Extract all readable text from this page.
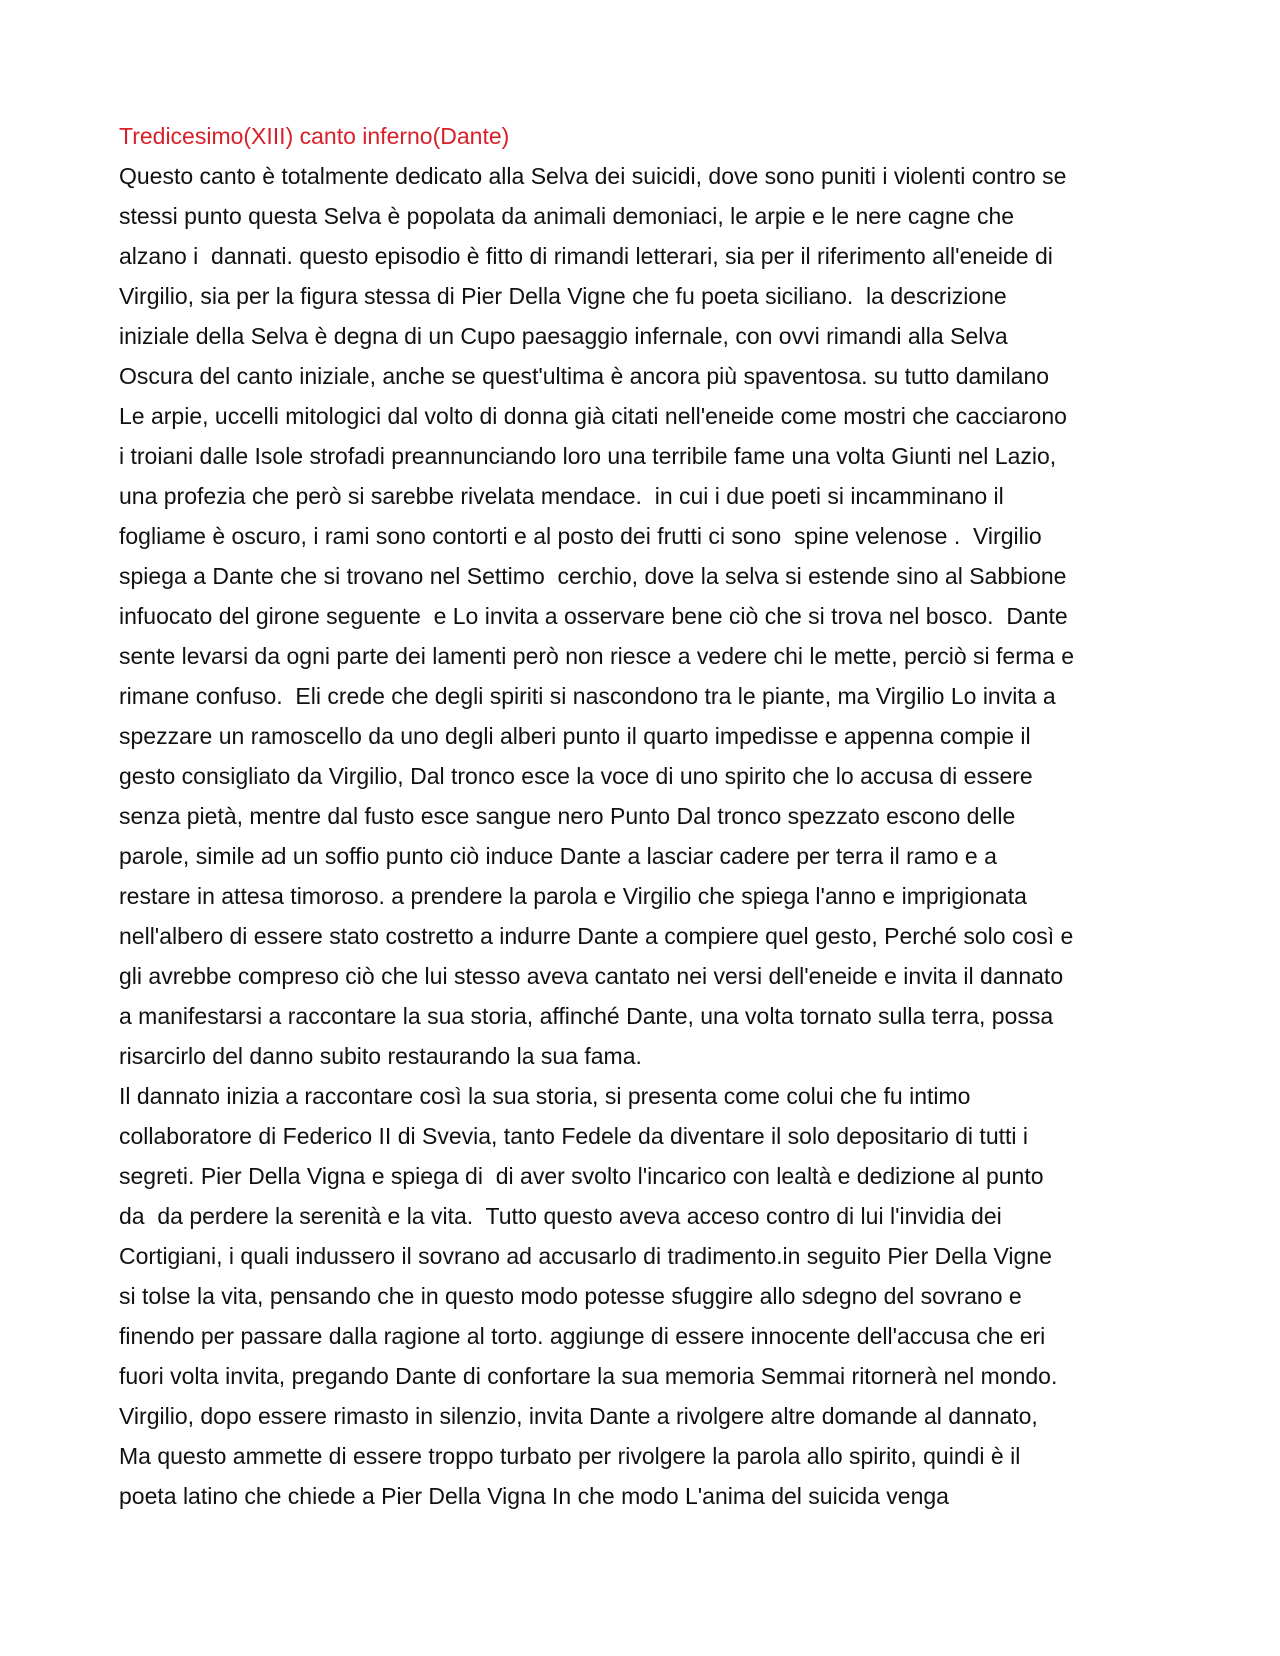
Tredicesimo(XIII) canto inferno(Dante)
Questo canto è totalmente dedicato alla Selva dei suicidi, dove sono puniti i violenti contro se
stessi punto questa Selva è popolata da animali demoniaci, le arpie e le nere cagne che
alzano i  dannati. questo episodio è fitto di rimandi letterari, sia per il riferimento all'eneide di
Virgilio, sia per la figura stessa di Pier Della Vigne che fu poeta siciliano.  la descrizione
iniziale della Selva è degna di un Cupo paesaggio infernale, con ovvi rimandi alla Selva
Oscura del canto iniziale, anche se quest'ultima è ancora più spaventosa. su tutto damilano
Le arpie, uccelli mitologici dal volto di donna già citati nell'eneide come mostri che cacciarono
i troiani dalle Isole strofadi preannunciando loro una terribile fame una volta Giunti nel Lazio,
una profezia che però si sarebbe rivelata mendace.  in cui i due poeti si incamminano il
fogliame è oscuro, i rami sono contorti e al posto dei frutti ci sono  spine velenose .  Virgilio
spiega a Dante che si trovano nel Settimo  cerchio, dove la selva si estende sino al Sabbione
infuocato del girone seguente  e Lo invita a osservare bene ciò che si trova nel bosco.  Dante
sente levarsi da ogni parte dei lamenti però non riesce a vedere chi le mette, perciò si ferma e
rimane confuso.  Eli crede che degli spiriti si nascondono tra le piante, ma Virgilio Lo invita a
spezzare un ramoscello da uno degli alberi punto il quarto impedisse e appenna compie il
gesto consigliato da Virgilio, Dal tronco esce la voce di uno spirito che lo accusa di essere
senza pietà, mentre dal fusto esce sangue nero Punto Dal tronco spezzato escono delle
parole, simile ad un soffio punto ciò induce Dante a lasciar cadere per terra il ramo e a
restare in attesa timoroso. a prendere la parola e Virgilio che spiega l'anno e imprigionata
nell'albero di essere stato costretto a indurre Dante a compiere quel gesto, Perché solo così e
gli avrebbe compreso ciò che lui stesso aveva cantato nei versi dell'eneide e invita il dannato
a manifestarsi a raccontare la sua storia, affinché Dante, una volta tornato sulla terra, possa
risarcirlo del danno subito restaurando la sua fama.
Il dannato inizia a raccontare così la sua storia, si presenta come colui che fu intimo
collaboratore di Federico II di Svevia, tanto Fedele da diventare il solo depositario di tutti i
segreti. Pier Della Vigna e spiega di  di aver svolto l'incarico con lealtà e dedizione al punto
da  da perdere la serenità e la vita.  Tutto questo aveva acceso contro di lui l'invidia dei
Cortigiani, i quali indussero il sovrano ad accusarlo di tradimento.in seguito Pier Della Vigne
si tolse la vita, pensando che in questo modo potesse sfuggire allo sdegno del sovrano e
finendo per passare dalla ragione al torto. aggiunge di essere innocente dell'accusa che eri
fuori volta invita, pregando Dante di confortare la sua memoria Semmai ritornerà nel mondo.
Virgilio, dopo essere rimasto in silenzio, invita Dante a rivolgere altre domande al dannato,
Ma questo ammette di essere troppo turbato per rivolgere la parola allo spirito, quindi è il
poeta latino che chiede a Pier Della Vigna In che modo L'anima del suicida venga
